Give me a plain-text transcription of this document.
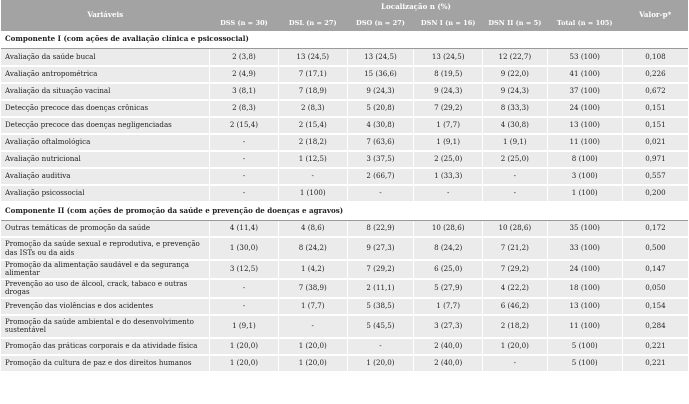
Variáveis	Localização n (%)						Valor-p*
	DSS (n = 30)	DSL (n = 27)	DSO (n = 27)	DSN I (n = 16)	DSN II (n = 5)	Total (n = 105)	
Componente I (com ações de avaliação clínica e psicossocial)							
Avaliação da saúde bucal	2 (3,8)	13 (24,5)	13 (24,5)	13 (24,5)	12 (22,7)	53 (100)	0,108
Avaliação antropométrica	2 (4,9)	7 (17,1)	15 (36,6)	8 (19,5)	9 (22,0)	41 (100)	0,226
Avaliação da situação vacinal	3 (8,1)	7 (18,9)	9 (24,3)	9 (24,3)	9 (24,3)	37 (100)	0,672
Detecção precoce das doenças crônicas	2 (8,3)	2 (8,3)	5 (20,8)	7 (29,2)	8 (33,3)	24 (100)	0,151
Detecção precoce das doenças negligenciadas	2 (15,4)	2 (15,4)	4 (30,8)	1 (7,7)	4 (30,8)	13 (100)	0,151
Avaliação oftalmológica	-	2 (18,2)	7 (63,6)	1 (9,1)	1 (9,1)	11 (100)	0,021
Avaliação nutricional	-	1 (12,5)	3 (37,5)	2 (25,0)	2 (25,0)	8 (100)	0,971
Avaliação auditiva	-	-	2 (66,7)	1 (33,3)	-	3 (100)	0,557
Avaliação psicossocial	-	1 (100)	-	-	-	1 (100)	0,200
Componente II (com ações de promoção da saúde e prevenção de doenças e agravos)							
Outras temáticas de promoção da saúde	4 (11,4)	4 (8,6)	8 (22,9)	10 (28,6)	10 (28,6)	35 (100)	0,172
Promoção da saúde sexual e reprodutiva, e prevenção das ISTs ou da aids	1 (30,0)	8 (24,2)	9 (27,3)	8 (24,2)	7 (21,2)	33 (100)	0,500
Promoção da alimentação saudável e da segurança alimentar	3 (12,5)	1 (4,2)	7 (29,2)	6 (25,0)	7 (29,2)	24 (100)	0,147
Prevenção ao uso de álcool, crack, tabaco e outras drogas	-	7 (38,9)	2 (11,1)	5 (27,9)	4 (22,2)	18 (100)	0,050
Prevenção das violências e dos acidentes	-	1 (7,7)	5 (38,5)	1 (7,7)	6 (46,2)	13 (100)	0,154
Promoção da saúde ambiental e do desenvolvimento sustentável	1 (9,1)	-	5 (45,5)	3 (27,3)	2 (18,2)	11 (100)	0,284
Promoção das práticas corporais e da atividade física	1 (20,0)	1 (20,0)	-	2 (40,0)	1 (20,0)	5 (100)	0,221
Promoção da cultura de paz e dos direitos humanos	1 (20,0)	1 (20,0)	1 (20,0)	2 (40,0)	-	5 (100)	0,221
